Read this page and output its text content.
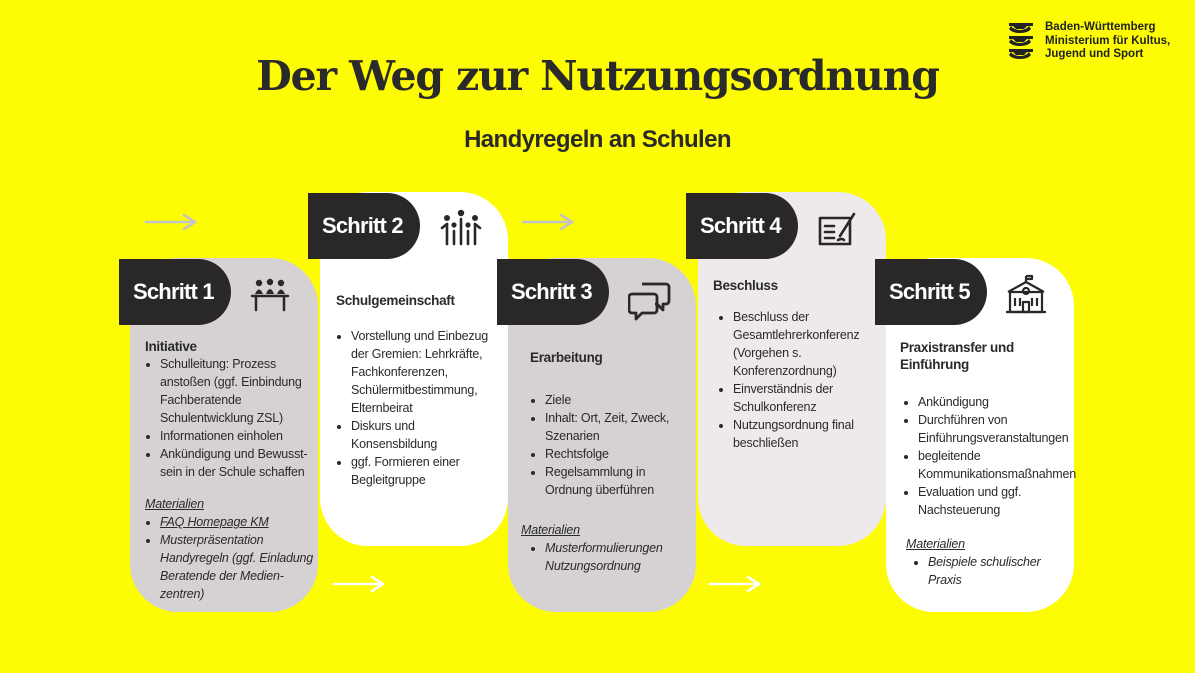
Baden-Württemberg
Ministerium für Kultus,
Jugend und Sport
Der Weg zur Nutzungsordnung
Handyregeln an Schulen
Schritt 1
Schritt 2
Schritt 3
Schritt 4
Schritt 5
Initiative
• Schulleitung: Prozess anstoßen (ggf. Einbindung Fachberatende Schulentwicklung ZSL)
• Informationen einholen
• Ankündigung und Bewusst-sein in der Schule schaffen
Materialien
• FAQ Homepage KM
• Musterpräsentation Handyregeln (ggf. Einladung Beratende der Medien-zentren)
Schulgemeinschaft
• Vorstellung und Einbezug der Gremien: Lehrkräfte, Fachkonferenzen, Schülermitbestimmung, Elternbeirat
• Diskurs und Konsensbildung
• ggf. Formieren einer Begleitgruppe
Erarbeitung
• Ziele
• Inhalt: Ort, Zeit, Zweck, Szenarien
• Rechtsfolge
• Regelsammlung in Ordnung überführen
Materialien
• Musterformulierungen Nutzungsordnung
Beschluss
• Beschluss der Gesamtlehrerkonferenz (Vorgehen s. Konferenzordnung)
• Einverständnis der Schulkonferenz
• Nutzungsordnung final beschließen
Praxistransfer und Einführung
• Ankündigung
• Durchführen von Einführungsveranstaltungen
• begleitende Kommunikationsmaßnahmen
• Evaluation und ggf. Nachsteuerung
Materialien
• Beispiele schulischer Praxis
